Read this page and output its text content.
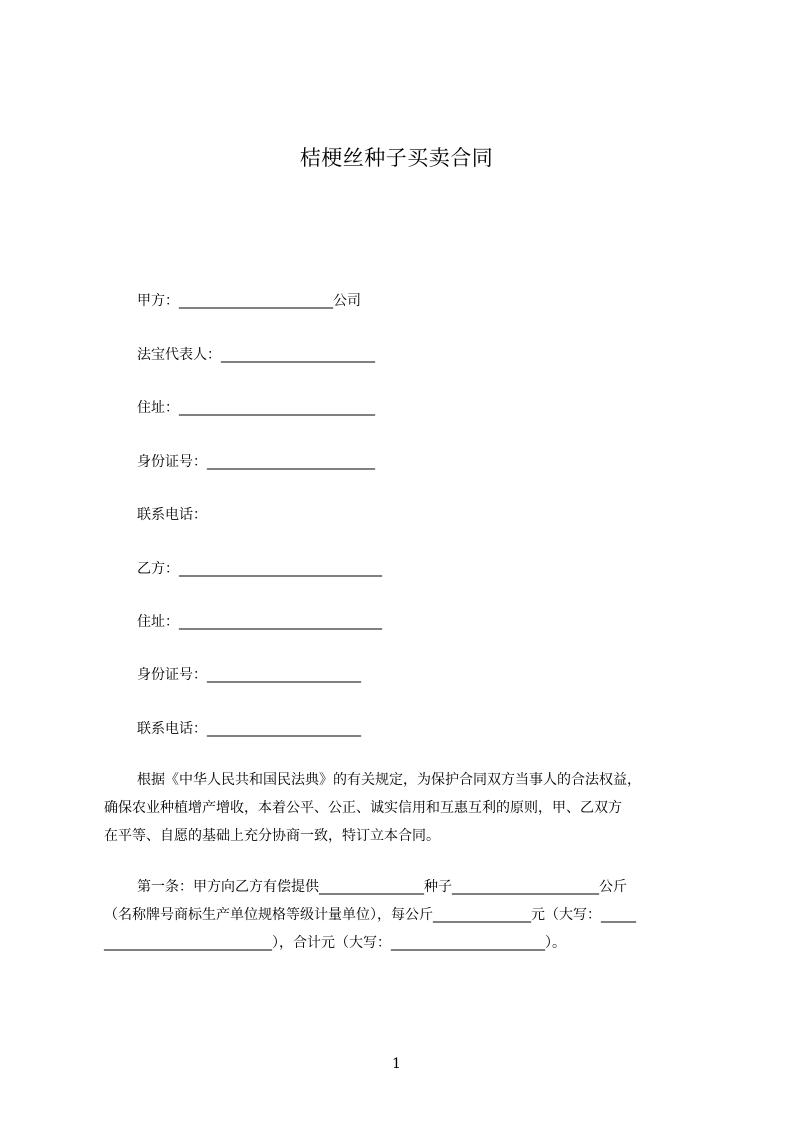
桔梗丝种子买卖合同
甲方：______________________公司
法宝代表人：______________________
住址：____________________________
身份证号：________________________
联系电话：
乙方：_____________________________
住址：_____________________________
身份证号：______________________
联系电话：______________________
根据《中华人民共和国民法典》的有关规定，为保护合同双方当事人的合法权益，
确保农业种植增产增收，本着公平、公正、诚实信用和互惠互利的原则，甲、乙双方
在平等、自愿的基础上充分协商一致，特订立本合同。
第一条：甲方向乙方有偿提供_______________种子_____________________公斤
（名称牌号商标生产单位规格等级计量单位），每公斤______________元（大写：_____
________________________），合计元（大写：______________________）。
1
